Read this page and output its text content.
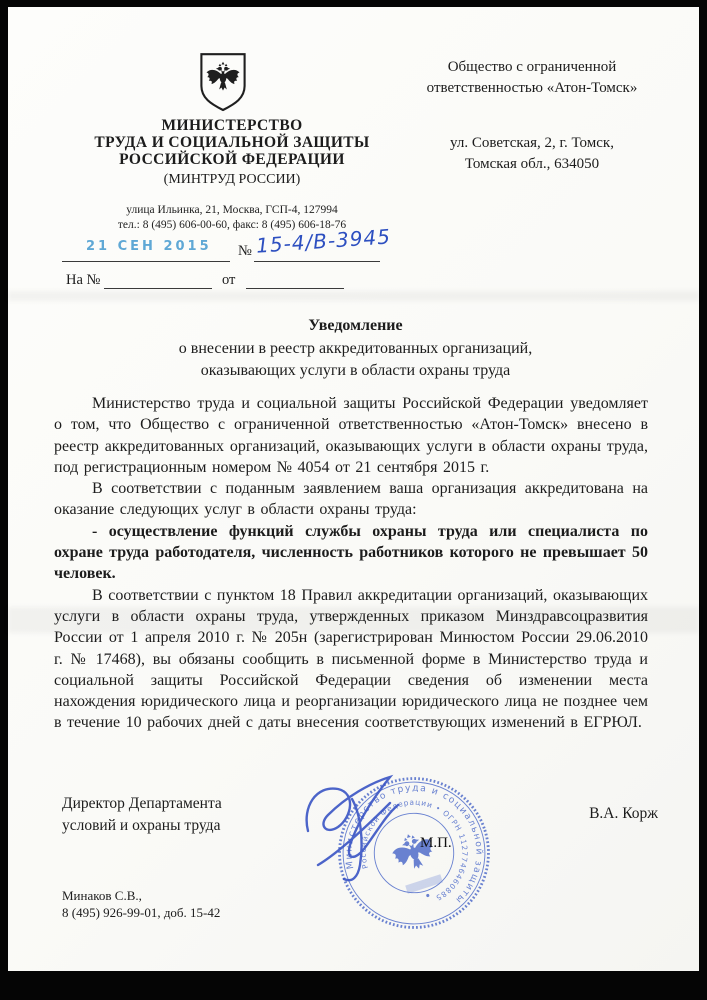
МИНИСТЕРСТВО
ТРУДА И СОЦИАЛЬНОЙ ЗАЩИТЫ
РОССИЙСКОЙ ФЕДЕРАЦИИ
(МИНТРУД РОССИИ)
улица Ильинка, 21, Москва, ГСП-4, 127994
тел.: 8 (495) 606-00-60, факс: 8 (495) 606-18-76
Общество с ограниченной
ответственностью «Атон-Томск»
ул. Советская, 2, г. Томск,
Томская обл., 634050
21 СЕН 2015 № 15-4/В-3945
На №	от
Уведомление
о внесении в реестр аккредитованных организаций,
оказывающих услуги в области охраны труда

Министерство труда и социальной защиты Российской Федерации уведомляет о том, что Общество с ограниченной ответственностью «Атон-Томск» внесено в реестр аккредитованных организаций, оказывающих услуги в области охраны труда, под регистрационным номером № 4054 от 21 сентября 2015 г.

В соответствии с поданным заявлением ваша организация аккредитована на оказание следующих услуг в области охраны труда:

- осуществление функций службы охраны труда или специалиста по охране труда работодателя, численность работников которого не превышает 50 человек.

В соответствии с пунктом 18 Правил аккредитации организаций, оказывающих услуги в области охраны труда, утвержденных приказом Минздравсоцразвития России от 1 апреля 2010 г. № 205н (зарегистрирован Минюстом России 29.06.2010 г. № 17468), вы обязаны сообщить в письменной форме в Министерство труда и социальной защиты Российской Федерации сведения об изменении места нахождения юридического лица и реорганизации юридического лица не позднее чем в течение 10 рабочих дней с даты внесения соответствующих изменений в ЕГРЮЛ.

Директор Департамента
условий и охраны труда
В.А. Корж
Министерство труда и социальной защиты
Российской Федерации • ОГРН 1127746460885
М.П.
Минаков С.В.,
8 (495) 926-99-01, доб. 15-42
